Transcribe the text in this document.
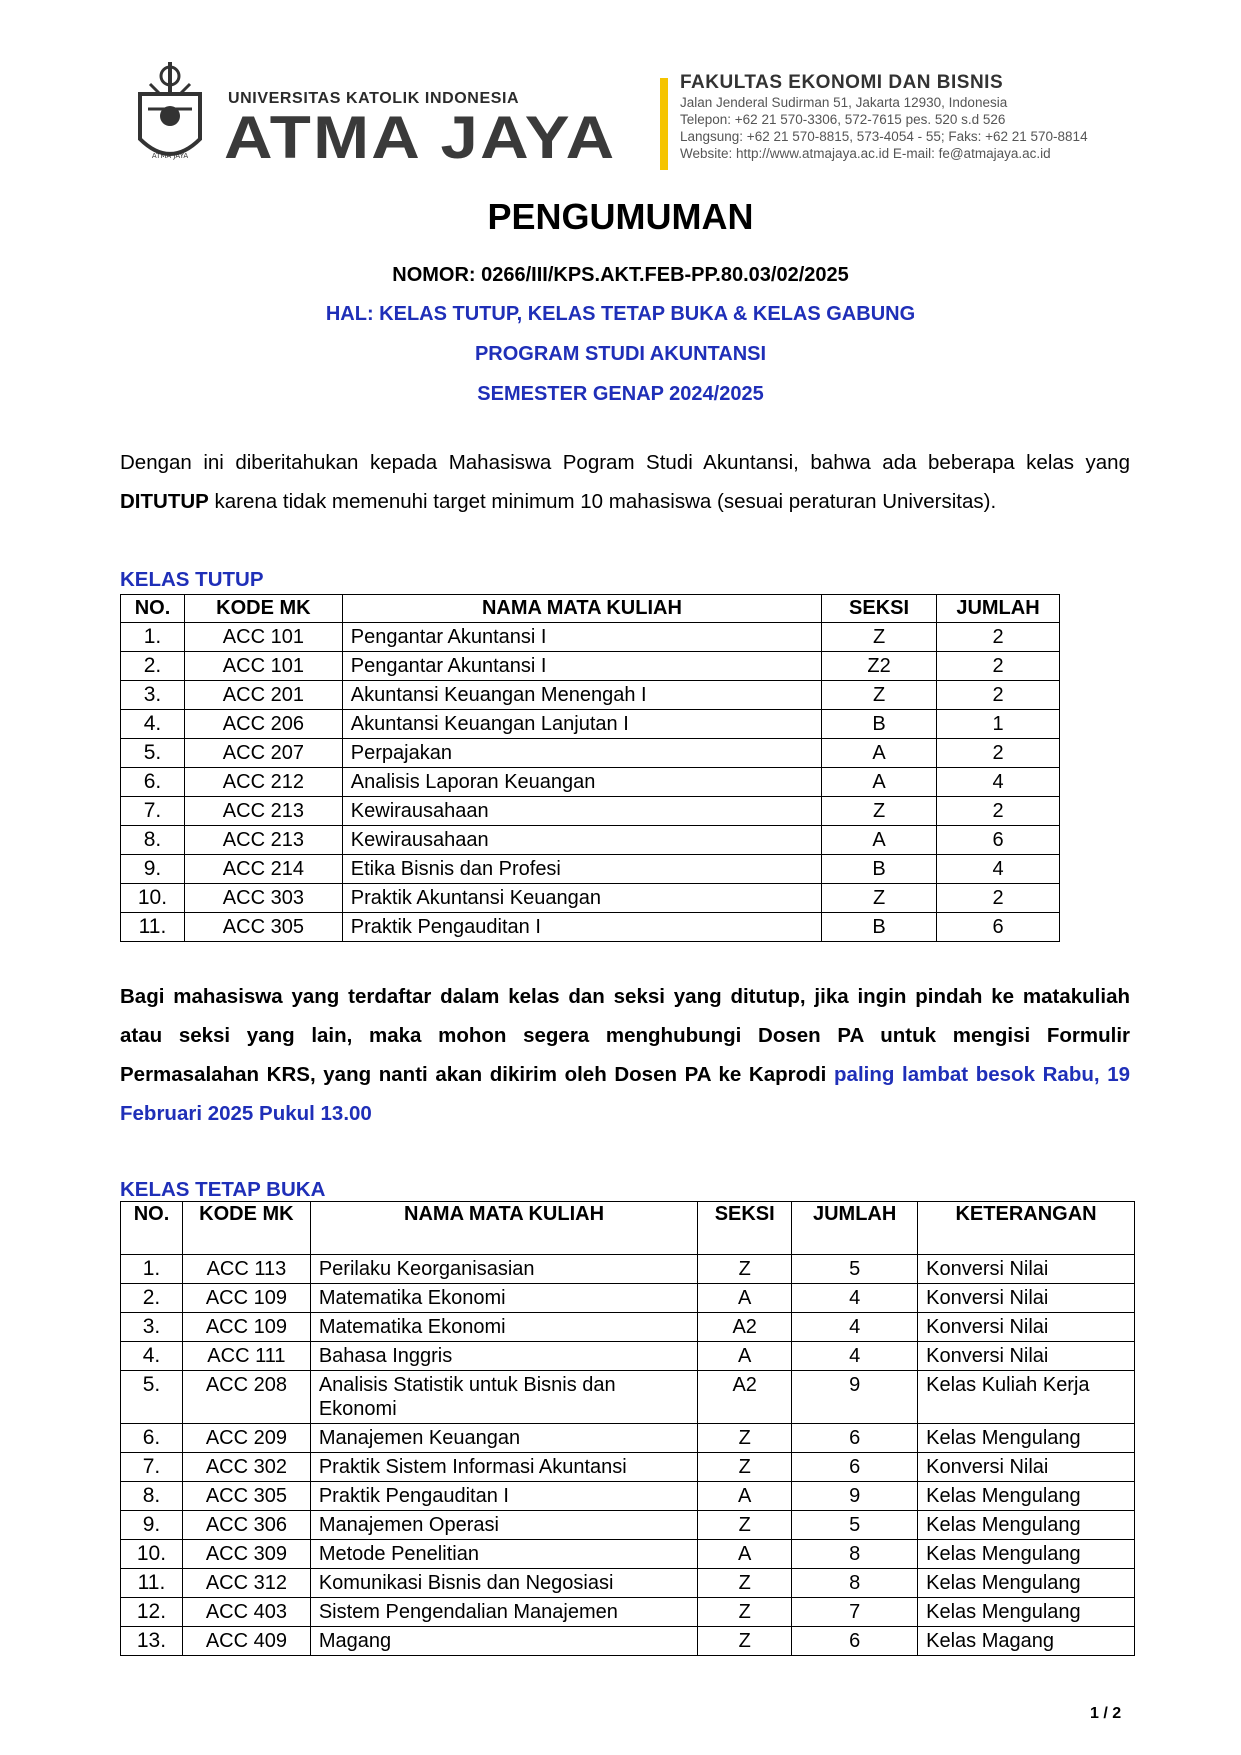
ATMA JAYA
UNIVERSITAS KATOLIK INDONESIA
ATMA JAYA
FAKULTAS EKONOMI DAN BISNIS
Jalan Jenderal Sudirman 51, Jakarta 12930, Indonesia
Telepon: +62 21 570-3306, 572-7615 pes. 520 s.d 526
Langsung: +62 21 570-8815, 573-4054 - 55; Faks: +62 21 570-8814
Website: http://www.atmajaya.ac.id E-mail: fe@atmajaya.ac.id
PENGUMUMAN
NOMOR: 0266/III/KPS.AKT.FEB-PP.80.03/02/2025
HAL: KELAS TUTUP, KELAS TETAP BUKA & KELAS GABUNG
PROGRAM STUDI AKUNTANSI
SEMESTER GENAP 2024/2025
Dengan ini diberitahukan kepada Mahasiswa Pogram Studi Akuntansi, bahwa ada beberapa kelas yang DITUTUP karena tidak memenuhi target minimum 10 mahasiswa (sesuai peraturan Universitas).
KELAS TUTUP
NO.	KODE MK	NAMA MATA KULIAH	SEKSI	JUMLAH
1.	ACC 101	Pengantar Akuntansi I	Z	2
2.	ACC 101	Pengantar Akuntansi I	Z2	2
3.	ACC 201	Akuntansi Keuangan Menengah I	Z	2
4.	ACC 206	Akuntansi Keuangan Lanjutan I	B	1
5.	ACC 207	Perpajakan	A	2
6.	ACC 212	Analisis Laporan Keuangan	A	4
7.	ACC 213	Kewirausahaan	Z	2
8.	ACC 213	Kewirausahaan	A	6
9.	ACC 214	Etika Bisnis dan Profesi	B	4
10.	ACC 303	Praktik Akuntansi Keuangan	Z	2
11.	ACC 305	Praktik Pengauditan I	B	6
Bagi mahasiswa yang terdaftar dalam kelas dan seksi yang ditutup, jika ingin pindah ke matakuliah atau seksi yang lain, maka mohon segera menghubungi Dosen PA untuk mengisi Formulir Permasalahan KRS, yang nanti akan dikirim oleh Dosen PA ke Kaprodi paling lambat besok Rabu, 19 Februari 2025 Pukul 13.00
KELAS TETAP BUKA
NO.	KODE MK	NAMA MATA KULIAH	SEKSI	JUMLAH	KETERANGAN
1.	ACC 113	Perilaku Keorganisasian	Z	5	Konversi Nilai
2.	ACC 109	Matematika Ekonomi	A	4	Konversi Nilai
3.	ACC 109	Matematika Ekonomi	A2	4	Konversi Nilai
4.	ACC 111	Bahasa Inggris	A	4	Konversi Nilai
5.	ACC 208	Analisis Statistik untuk Bisnis dan Ekonomi	A2	9	Kelas Kuliah Kerja
6.	ACC 209	Manajemen Keuangan	Z	6	Kelas Mengulang
7.	ACC 302	Praktik Sistem Informasi Akuntansi	Z	6	Konversi Nilai
8.	ACC 305	Praktik Pengauditan I	A	9	Kelas Mengulang
9.	ACC 306	Manajemen Operasi	Z	5	Kelas Mengulang
10.	ACC 309	Metode Penelitian	A	8	Kelas Mengulang
11.	ACC 312	Komunikasi Bisnis dan Negosiasi	Z	8	Kelas Mengulang
12.	ACC 403	Sistem Pengendalian Manajemen	Z	7	Kelas Mengulang
13.	ACC 409	Magang	Z	6	Kelas Magang
1 / 2
